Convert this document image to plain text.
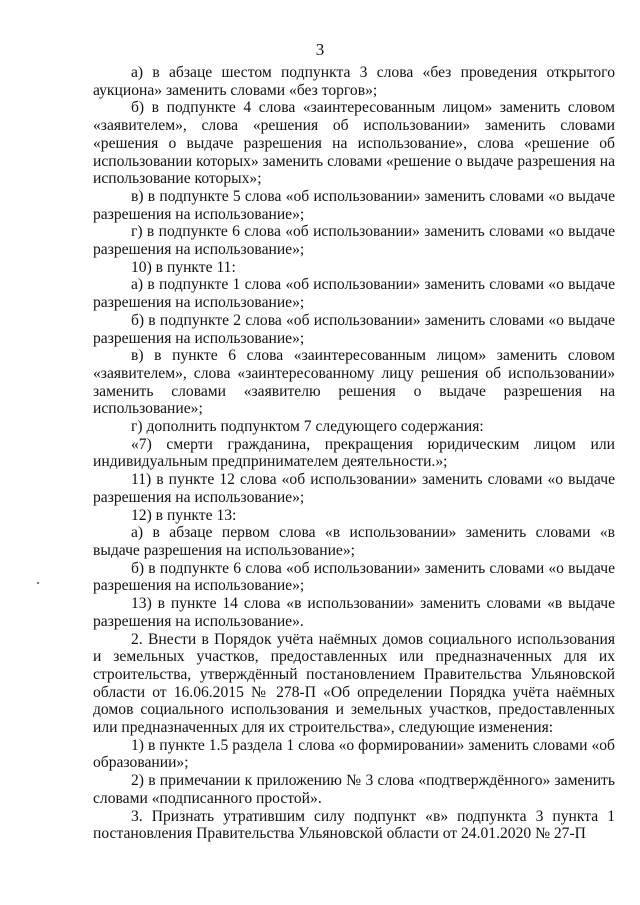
3

а) в абзаце шестом подпункта 3 слова «без проведения открытого аукциона» заменить словами «без торгов»;

б) в подпункте 4 слова «заинтересованным лицом» заменить словом «заявителем», слова «решения об использовании» заменить словами «решения о выдаче разрешения на использование», слова «решение об использовании которых» заменить словами «решение о выдаче разрешения на использование которых»;

в) в подпункте 5 слова «об использовании» заменить словами «о выдаче разрешения на использование»;

г) в подпункте 6 слова «об использовании» заменить словами «о выдаче разрешения на использование»;

10) в пункте 11:

а) в подпункте 1 слова «об использовании» заменить словами «о выдаче разрешения на использование»;

б) в подпункте 2 слова «об использовании» заменить словами «о выдаче разрешения на использование»;

в) в пункте 6 слова «заинтересованным лицом» заменить словом «заявителем», слова «заинтересованному лицу решения об использовании» заменить словами «заявителю решения о выдаче разрешения на использование»;

г) дополнить подпунктом 7 следующего содержания:

«7) смерти гражданина, прекращения юридическим лицом или индивидуальным предпринимателем деятельности.»;

11) в пункте 12 слова «об использовании» заменить словами «о выдаче разрешения на использование»;

12) в пункте 13:

а) в абзаце первом слова «в использовании» заменить словами «в выдаче разрешения на использование»;

б) в подпункте 6 слова «об использовании» заменить словами «о выдаче разрешения на использование»;

13) в пункте 14 слова «в использовании» заменить словами «в выдаче разрешения на использование».

2. Внести в Порядок учёта наёмных домов социального использования и земельных участков, предоставленных или предназначенных для их строительства, утверждённый постановлением Правительства Ульяновской области от 16.06.2015 № 278-П «Об определении Порядка учёта наёмных домов социального использования и земельных участков, предоставленных или предназначенных для их строительства», следующие изменения:

1) в пункте 1.5 раздела 1 слова «о формировании» заменить словами «об образовании»;

2) в примечании к приложению № 3 слова «подтверждённого» заменить словами «подписанного простой».

3. Признать утратившим силу подпункт «в» подпункта 3 пункта 1 постановления Правительства Ульяновской области от 24.01.2020 № 27-П
